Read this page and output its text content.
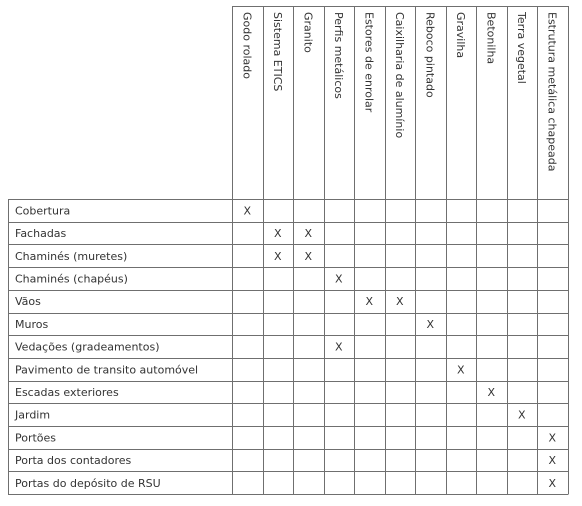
Godo rolado Sistema ETICS Granito Perfis metálicos Estores de enrolar Caixilharia de alumínio Reboco pintado Gravilha Betonilha Terra vegetal Estrutura metálica chapeada
Cobertura
Fachadas
Chaminés (muretes)
Chaminés (chapéus)
Vãos
Muros
Vedações (gradeamentos)
Pavimento de transito automóvel
Escadas exteriores
Jardim
Portões
Porta dos contadores
Portas do depósito de RSU
X
X X
X X
X
X X
X
X
X
X
X
X
X
X
